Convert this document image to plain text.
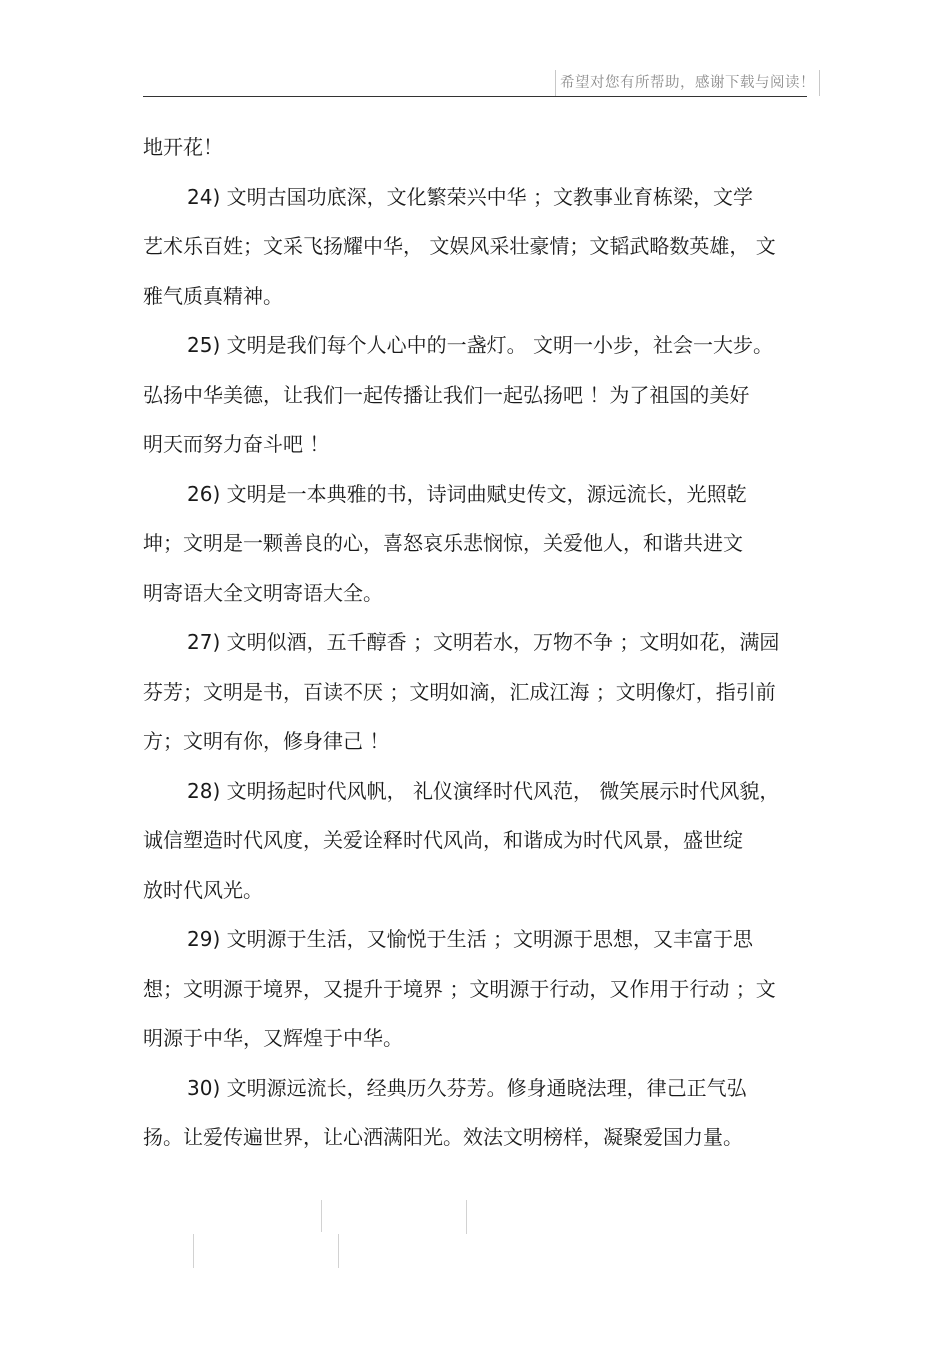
希望对您有所帮助，感谢下载与阅读！

地开花！

24) 文明古国功底深，文化繁荣兴中华 ；文教事业育栋梁，文学
艺术乐百姓；文采飞扬耀中华， 文娱风采壮豪情；文韬武略数英雄， 文
雅气质真精神。

25) 文明是我们每个人心中的一盏灯。 文明一小步，社会一大步。
弘扬中华美德，让我们一起传播让我们一起弘扬吧 ！为了祖国的美好
明天而努力奋斗吧 ！

26) 文明是一本典雅的书，诗词曲赋史传文，源远流长，光照乾
坤；文明是一颗善良的心，喜怒哀乐悲悯惊，关爱他人，和谐共进文
明寄语大全文明寄语大全。

27) 文明似酒，五千醇香 ；文明若水，万物不争 ；文明如花，满园
芬芳；文明是书，百读不厌 ；文明如滴，汇成江海 ；文明像灯，指引前
方；文明有你，修身律己 ！

28) 文明扬起时代风帆， 礼仪演绎时代风范， 微笑展示时代风貌，
诚信塑造时代风度，关爱诠释时代风尚，和谐成为时代风景，盛世绽
放时代风光。

29) 文明源于生活，又愉悦于生活 ；文明源于思想，又丰富于思
想；文明源于境界，又提升于境界 ；文明源于行动，又作用于行动 ；文
明源于中华，又辉煌于中华。

30) 文明源远流长，经典历久芬芳。修身通晓法理，律己正气弘
扬。让爱传遍世界，让心洒满阳光。效法文明榜样，凝聚爱国力量。
